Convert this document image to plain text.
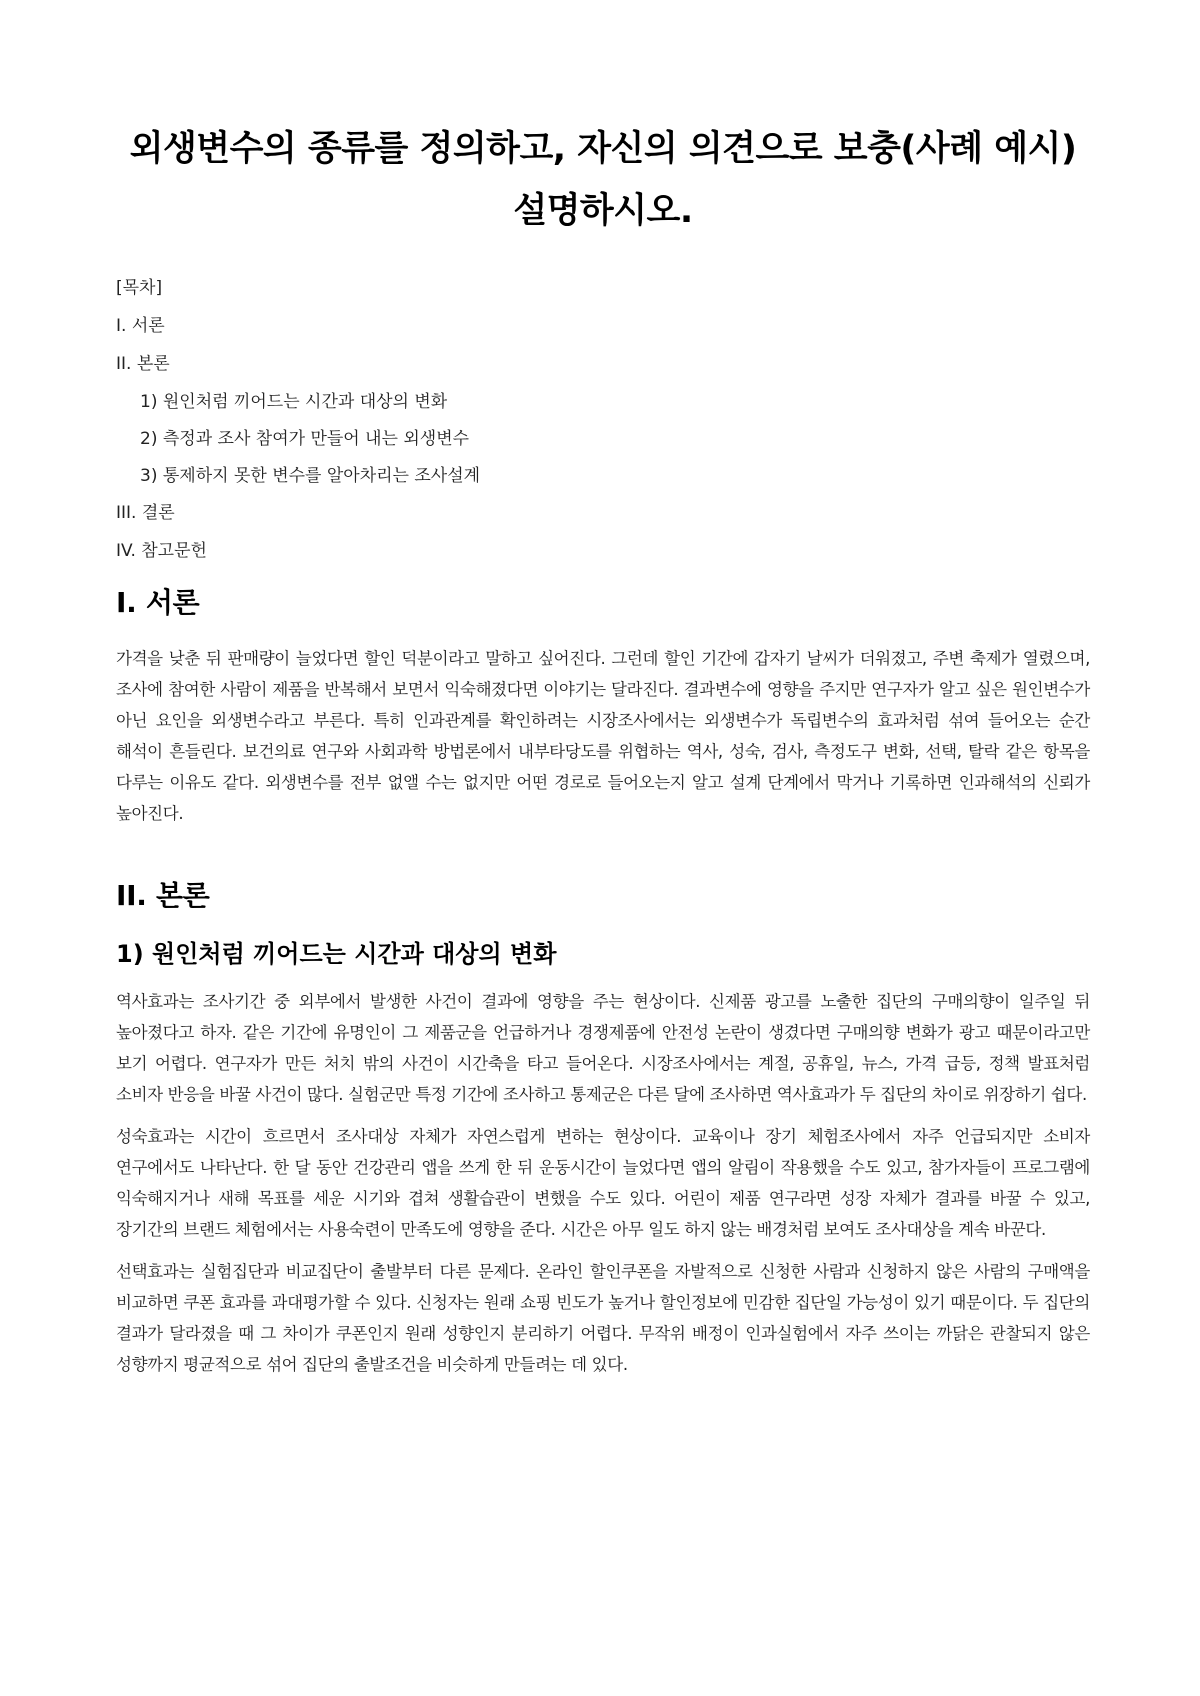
외생변수의 종류를 정의하고, 자신의 의견으로 보충(사례 예시) 설명하시오.
[목차]
I. 서론
II. 본론
1) 원인처럼 끼어드는 시간과 대상의 변화
2) 측정과 조사 참여가 만들어 내는 외생변수
3) 통제하지 못한 변수를 알아차리는 조사설계
III. 결론
IV. 참고문헌
I. 서론

가격을 낮춘 뒤 판매량이 늘었다면 할인 덕분이라고 말하고 싶어진다. 그런데 할인 기간에 갑자기 날씨가 더워졌고, 주변 축제가 열렸으며, 조사에 참여한 사람이 제품을 반복해서 보면서 익숙해졌다면 이야기는 달라진다. 결과변수에 영향을 주지만 연구자가 알고 싶은 원인변수가 아닌 요인을 외생변수라고 부른다. 특히 인과관계를 확인하려는 시장조사에서는 외생변수가 독립변수의 효과처럼 섞여 들어오는 순간 해석이 흔들린다. 보건의료 연구와 사회과학 방법론에서 내부타당도를 위협하는 역사, 성숙, 검사, 측정도구 변화, 선택, 탈락 같은 항목을 다루는 이유도 같다. 외생변수를 전부 없앨 수는 없지만 어떤 경로로 들어오는지 알고 설계 단계에서 막거나 기록하면 인과해석의 신뢰가 높아진다.

II. 본론
1) 원인처럼 끼어드는 시간과 대상의 변화

역사효과는 조사기간 중 외부에서 발생한 사건이 결과에 영향을 주는 현상이다. 신제품 광고를 노출한 집단의 구매의향이 일주일 뒤 높아졌다고 하자. 같은 기간에 유명인이 그 제품군을 언급하거나 경쟁제품에 안전성 논란이 생겼다면 구매의향 변화가 광고 때문이라고만 보기 어렵다. 연구자가 만든 처치 밖의 사건이 시간축을 타고 들어온다. 시장조사에서는 계절, 공휴일, 뉴스, 가격 급등, 정책 발표처럼 소비자 반응을 바꿀 사건이 많다. 실험군만 특정 기간에 조사하고 통제군은 다른 달에 조사하면 역사효과가 두 집단의 차이로 위장하기 쉽다.

성숙효과는 시간이 흐르면서 조사대상 자체가 자연스럽게 변하는 현상이다. 교육이나 장기 체험조사에서 자주 언급되지만 소비자 연구에서도 나타난다. 한 달 동안 건강관리 앱을 쓰게 한 뒤 운동시간이 늘었다면 앱의 알림이 작용했을 수도 있고, 참가자들이 프로그램에 익숙해지거나 새해 목표를 세운 시기와 겹쳐 생활습관이 변했을 수도 있다. 어린이 제품 연구라면 성장 자체가 결과를 바꿀 수 있고, 장기간의 브랜드 체험에서는 사용숙련이 만족도에 영향을 준다. 시간은 아무 일도 하지 않는 배경처럼 보여도 조사대상을 계속 바꾼다.

선택효과는 실험집단과 비교집단이 출발부터 다른 문제다. 온라인 할인쿠폰을 자발적으로 신청한 사람과 신청하지 않은 사람의 구매액을 비교하면 쿠폰 효과를 과대평가할 수 있다. 신청자는 원래 쇼핑 빈도가 높거나 할인정보에 민감한 집단일 가능성이 있기 때문이다. 두 집단의 결과가 달라졌을 때 그 차이가 쿠폰인지 원래 성향인지 분리하기 어렵다. 무작위 배정이 인과실험에서 자주 쓰이는 까닭은 관찰되지 않은 성향까지 평균적으로 섞어 집단의 출발조건을 비슷하게 만들려는 데 있다.
